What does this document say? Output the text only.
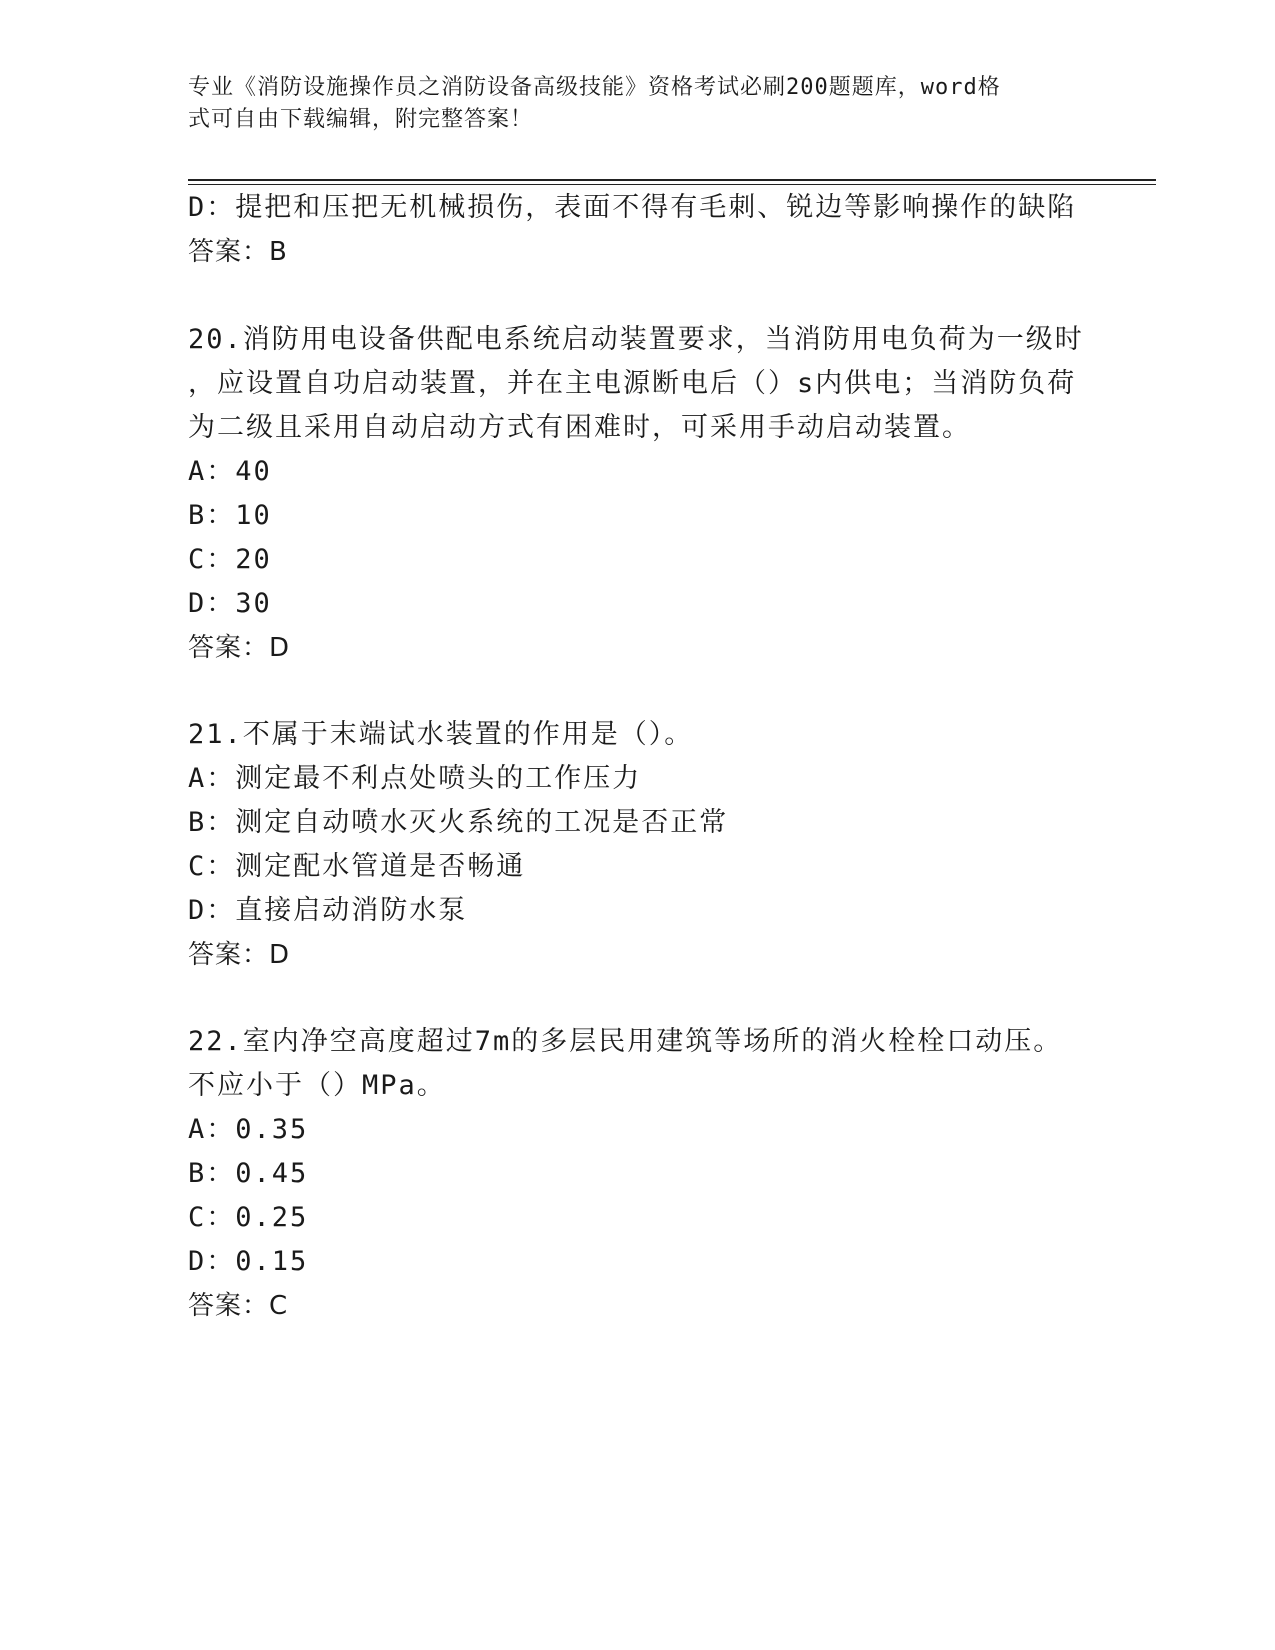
专业《消防设施操作员之消防设备高级技能》资格考试必刷200题题库，word格
式可自由下载编辑，附完整答案！
D：提把和压把无机械损伤，表面不得有毛刺、锐边等影响操作的缺陷
答案：B
20.消防用电设备供配电系统启动装置要求，当消防用电负荷为一级时
，应设置自功启动装置，并在主电源断电后（）s内供电；当消防负荷
为二级且采用自动启动方式有困难时，可采用手动启动装置。
A：40
B：10
C：20
D：30
答案：D
21.不属于末端试水装置的作用是（）。
A：测定最不利点处喷头的工作压力
B：测定自动喷水灭火系统的工况是否正常
C：测定配水管道是否畅通
D：直接启动消防水泵
答案：D
22.室内净空高度超过7m的多层民用建筑等场所的消火栓栓口动压。
不应小于（）MPa。
A：0.35
B：0.45
C：0.25
D：0.15
答案：C
